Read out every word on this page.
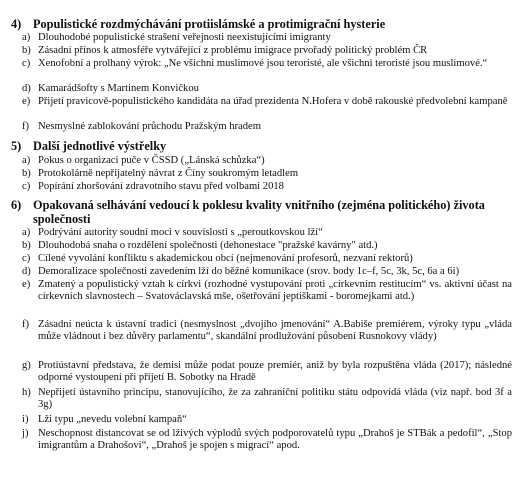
4) Populistické rozdmýchávání protiislámské a protimigrační hysterie
a) Dlouhodobé populistické strašení veřejnosti neexistujícími imigranty
b) Zásadní přínos k atmosféře vytvářející z problému imigrace prvořadý politický problém ČR
c) Xenofobní a prolhaný výrok: „Ne všichni muslimové jsou teroristé, ale všichni teroristé jsou muslimové.“
d) Kamarádšofty s Martinem Konvičkou
e) Přijetí pravicově-populistického kandidáta na úřad prezidenta N.Hofera v době rakouské předvolební kampaně
f) Nesmyslné zablokování průchodu Pražským hradem
5) Další jednotlivé výstřelky
a) Pokus o organizaci puče v ČSSD („Lánská schůzka“)
b) Protokolárně nepřijatelný návrat z Číny soukromým letadlem
c) Popírání zhoršování zdravotního stavu před volbami 2018
6) Opakovaná selhávání vedoucí k poklesu kvality vnitřního (zejména politického) života společnosti
a) Podrývání autority soudní moci v souvislosti s „peroutkovskou lží“
b) Dlouhodobá snaha o rozdělení společnosti (dehonestace "pražské kavárny" atd.)
c) Cílené vyvolání konfliktu s akademickou obcí (nejmenování profesorů, nezvaní rektorů)
d) Demoralizace společnosti zavedením lží do běžné komunikace (srov. body 1c–f, 5c, 3k, 5c, 6a a 6i)
e) Zmatený a populistický vztah k církvi (rozhodné vystupování proti „církevním restitucím“ vs. aktivní účast na církevních slavnostech – Svatováclavská mše, ošetřování jeptiškami - boromejkami atd.)
f) Zásadní neúcta k ústavní tradici (nesmyslnost „dvojího jmenování“ A.Babiše premiérem, výroky typu „vláda může vládnout i bez důvěry parlamentu“, skandální prodlužování působení Rusnokovy vlády)
g) Protiústavní představa, že demisi může podat pouze premiér, aniž by byla rozpuštěna vláda (2017); následné odporné vystoupení při přijetí B. Sobotky na Hradě
h) Nepřijetí ústavního principu, stanovujícího, že za zahraniční politiku státu odpovídá vláda (viz např. bod 3f a 3g)
i) Lži typu „nevedu volební kampaň“
j) Neschopnost distancovat se od lživých výplodů svých podporovatelů typu „Drahoš je STBák a pedofil“, „Stop imigrantům a Drahošovi“, „Drahoš je spojen s migrací“ apod.
